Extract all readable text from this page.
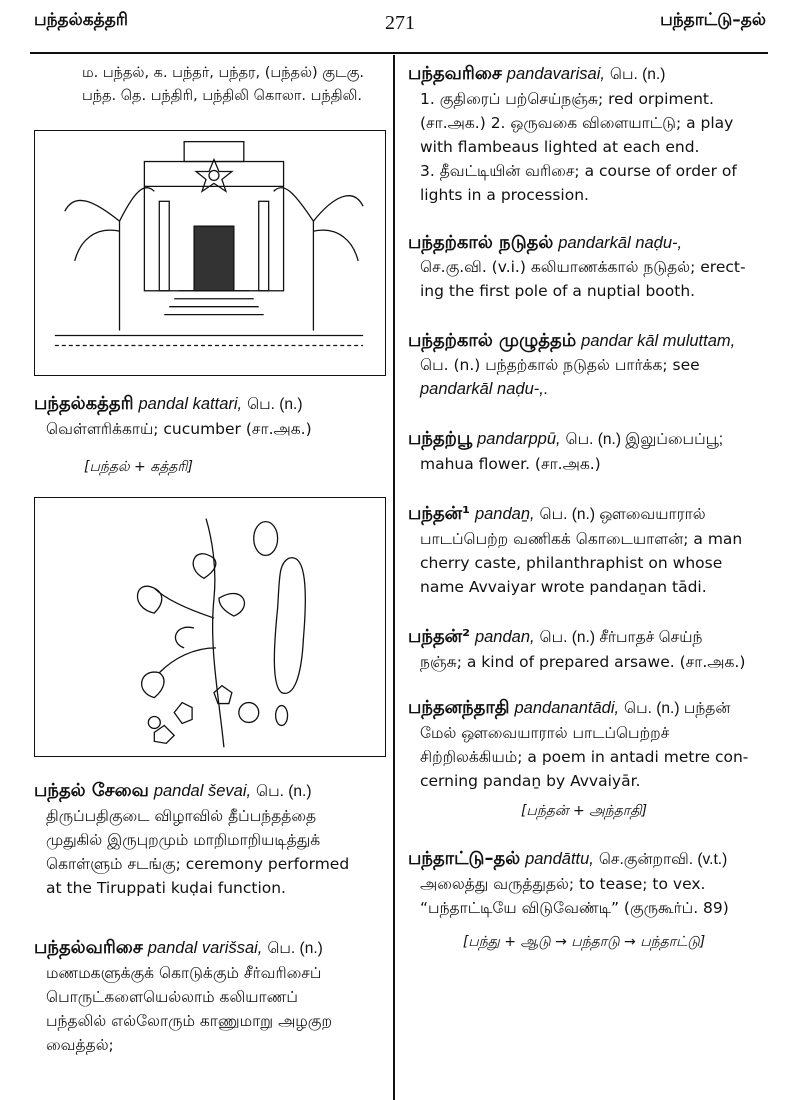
பந்தல்கத்தரி	271	பந்தாட்டு–தல்
ம. பந்தல், க. பந்தர், பந்தர, (பந்தல்) குடகு.
பந்த. தெ. பந்திரி, பந்திலி கொலா. பந்திலி.
பந்தல்கத்தரி pandal kattari, பெ. (n.)
வெள்ளரிக்காய்; cucumber (சா.அக.)
[பந்தல் + கத்தரி]
பந்தல் சேவை pandal ševai, பெ. (n.)
திருப்பதிகுடை விழாவில் தீப்பந்தத்தை
முதுகில் இருபுறமும் மாறிமாறியடித்துக்
கொள்ளும் சடங்கு; ceremony performed
at the Tiruppati kuḍai function.
பந்தல்வரிசை pandal varišsai, பெ. (n.)
மணமகளுக்குக் கொடுக்கும் சீர்வரிசைப்
பொருட்களையெல்லாம் கலியாணப்
பந்தலில் எல்லோரும் காணுமாறு அழகுற
வைத்தல்;
பந்தவரிசை pandavarisai, பெ. (n.)
1. குதிரைப் பற்செய்நஞ்சு; red orpiment.
(சா.அக.) 2. ஒருவகை விளையாட்டு; a play
with flambeaus lighted at each end.
3. தீவட்டியின் வரிசை; a course of order of
lights in a procession.
பந்தற்கால் நடுதல் pandarkāl naḍu-,
செ.கு.வி. (v.i.) கலியாணக்கால் நடுதல்; erect-
ing the first pole of a nuptial booth.
பந்தற்கால் முழுத்தம் pandar kāl muluttam,
பெ. (n.) பந்தற்கால் நடுதல் பார்க்க; see
pandarkāl naḍu-,.
பந்தற்பூ pandarppū, பெ. (n.) இலுப்பைப்பூ;
mahua flower. (சா.அக.)
பந்தன்¹ pandaṉ, பெ. (n.) ஔவையாரால்
பாடப்பெற்ற வணிகக் கொடையாளன்; a man
cherry caste, philanthraphist on whose
name Avvaiyar wrote pandaṉan tādi.
பந்தன்² pandan, பெ. (n.) சீர்பாதச் செய்ந்
நஞ்சு; a kind of prepared arsawe. (சா.அக.)
பந்தனந்தாதி pandanantādi, பெ. (n.) பந்தன்
மேல் ஔவையாரால் பாடப்பெற்றச்
சிற்றிலக்கியம்; a poem in antadi metre con-
cerning pandaṉ by Avvaiyār.
[பந்தன் + அந்தாதி]
பந்தாட்டு–தல் pandāttu, செ.குன்றாவி. (v.t.)
அலைத்து வருத்துதல்; to tease; to vex.
“பந்தாட்டியே விடுவேண்டி” (குருகூர்ப். 89)
[பந்து + ஆடு → பந்தாடு → பந்தாட்டு]
